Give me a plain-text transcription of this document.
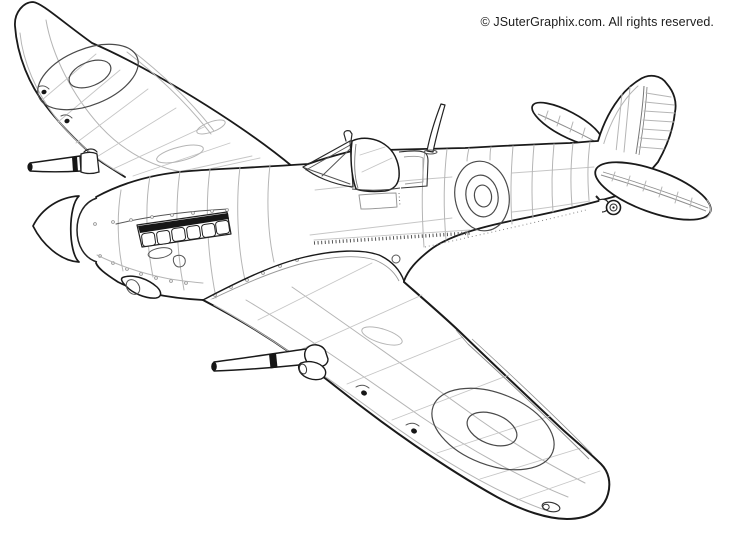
© JSuterGraphix.com. All rights reserved.
